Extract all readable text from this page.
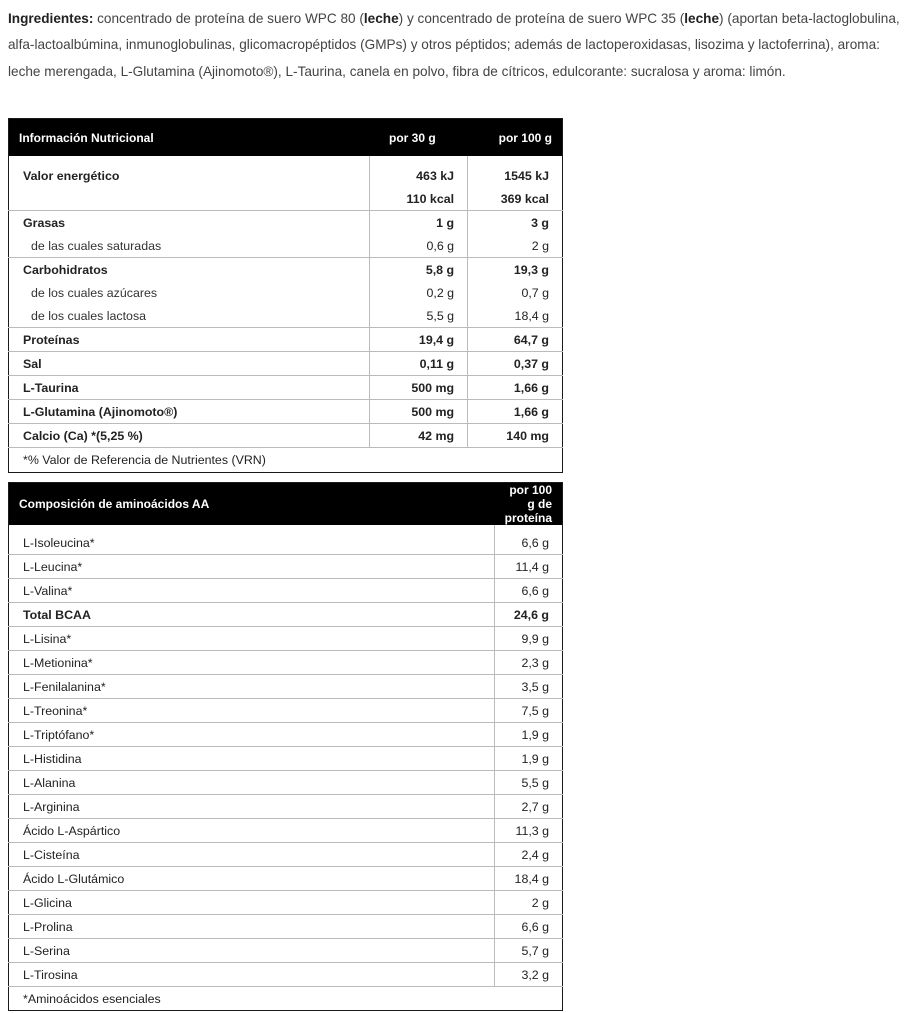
Ingredientes: concentrado de proteína de suero WPC 80 (leche) y concentrado de proteína de suero WPC 35 (leche) (aportan beta-lactoglobulina, alfa-lactoalbúmina, inmunoglobulinas, glicomacropéptidos (GMPs) y otros péptidos; además de lactoperoxidasas, lisozima y lactoferrina), aroma: leche merengada, L-Glutamina (Ajinomoto®), L-Taurina, canela en polvo, fibra de cítricos, edulcorante: sucralosa y aroma: limón.

Información Nutricional	por 30 g	por 100 g
Valor energético	463 kJ	1545 kJ
	110 kcal	369 kcal
Grasas	1 g	3 g
de las cuales saturadas	0,6 g	2 g
Carbohidratos	5,8 g	19,3 g
de los cuales azúcares	0,2 g	0,7 g
de los cuales lactosa	5,5 g	18,4 g
Proteínas	19,4 g	64,7 g
Sal	0,11 g	0,37 g
L-Taurina	500 mg	1,66 g
L-Glutamina (Ajinomoto®)	500 mg	1,66 g
Calcio (Ca) *(5,25 %)	42 mg	140 mg
*% Valor de Referencia de Nutrientes (VRN)		
Composición de aminoácidos AA	por 100 g de proteína
L-Isoleucina*	6,6 g
L-Leucina*	11,4 g
L-Valina*	6,6 g
Total BCAA	24,6 g
L-Lisina*	9,9 g
L-Metionina*	2,3 g
L-Fenilalanina*	3,5 g
L-Treonina*	7,5 g
L-Triptófano*	1,9 g
L-Histidina	1,9 g
L-Alanina	5,5 g
L-Arginina	2,7 g
Ácido L-Aspártico	11,3 g
L-Cisteína	2,4 g
Ácido L-Glutámico	18,4 g
L-Glicina	2 g
L-Prolina	6,6 g
L-Serina	5,7 g
L-Tirosina	3,2 g
*Aminoácidos esenciales	
